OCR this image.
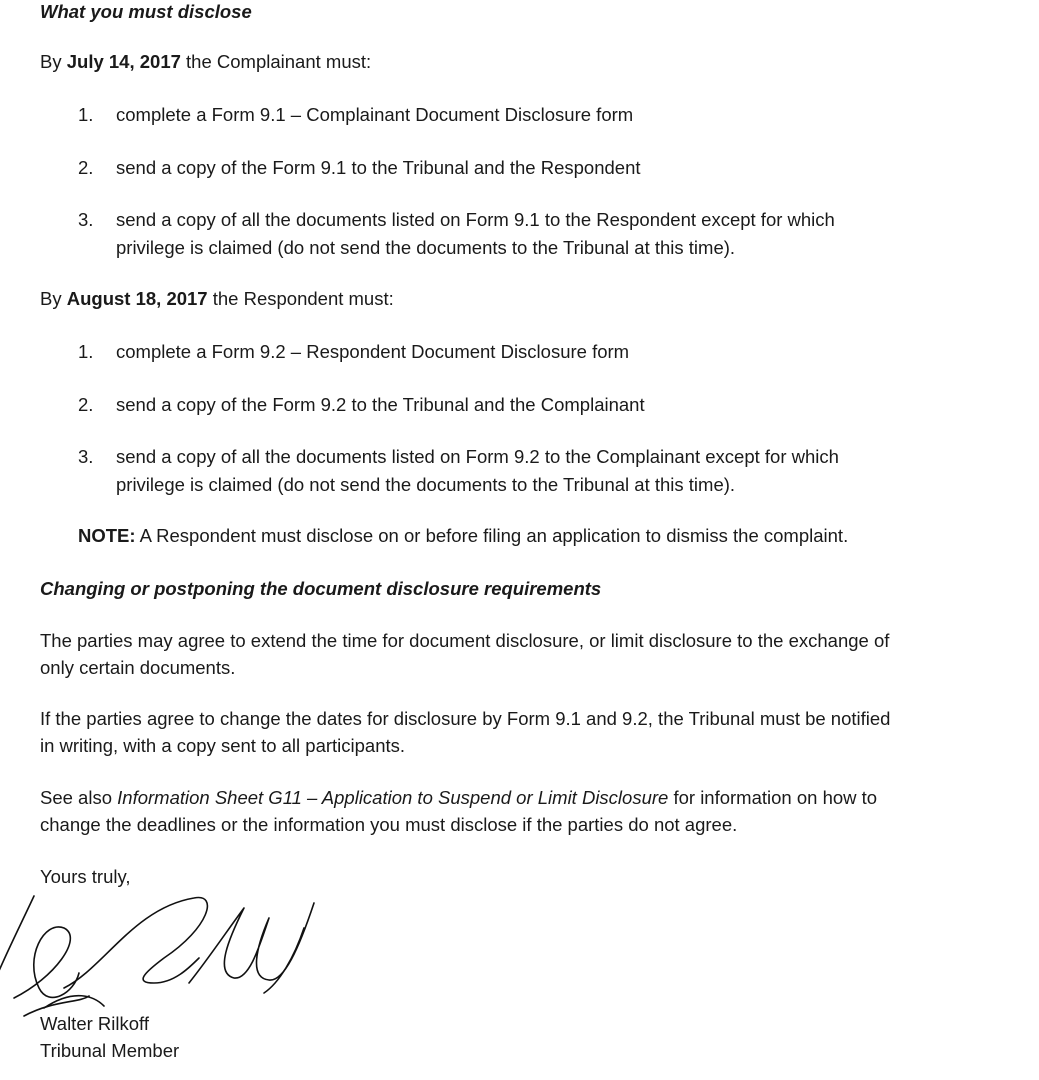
What you must disclose
By July 14, 2017 the Complainant must:
1. complete a Form 9.1 – Complainant Document Disclosure form
2. send a copy of the Form 9.1 to the Tribunal and the Respondent
3. send a copy of all the documents listed on Form 9.1 to the Respondent except for which
privilege is claimed (do not send the documents to the Tribunal at this time).
By August 18, 2017 the Respondent must:
1. complete a Form 9.2 – Respondent Document Disclosure form
2. send a copy of the Form 9.2 to the Tribunal and the Complainant
3. send a copy of all the documents listed on Form 9.2 to the Complainant except for which
privilege is claimed (do not send the documents to the Tribunal at this time).
NOTE: A Respondent must disclose on or before filing an application to dismiss the complaint.
Changing or postponing the document disclosure requirements
The parties may agree to extend the time for document disclosure, or limit disclosure to the exchange of
only certain documents.
If the parties agree to change the dates for disclosure by Form 9.1 and 9.2, the Tribunal must be notified
in writing, with a copy sent to all participants.
See also Information Sheet G11 – Application to Suspend or Limit Disclosure for information on how to
change the deadlines or the information you must disclose if the parties do not agree.
Yours truly,
Walter Rilkoff
Tribunal Member
